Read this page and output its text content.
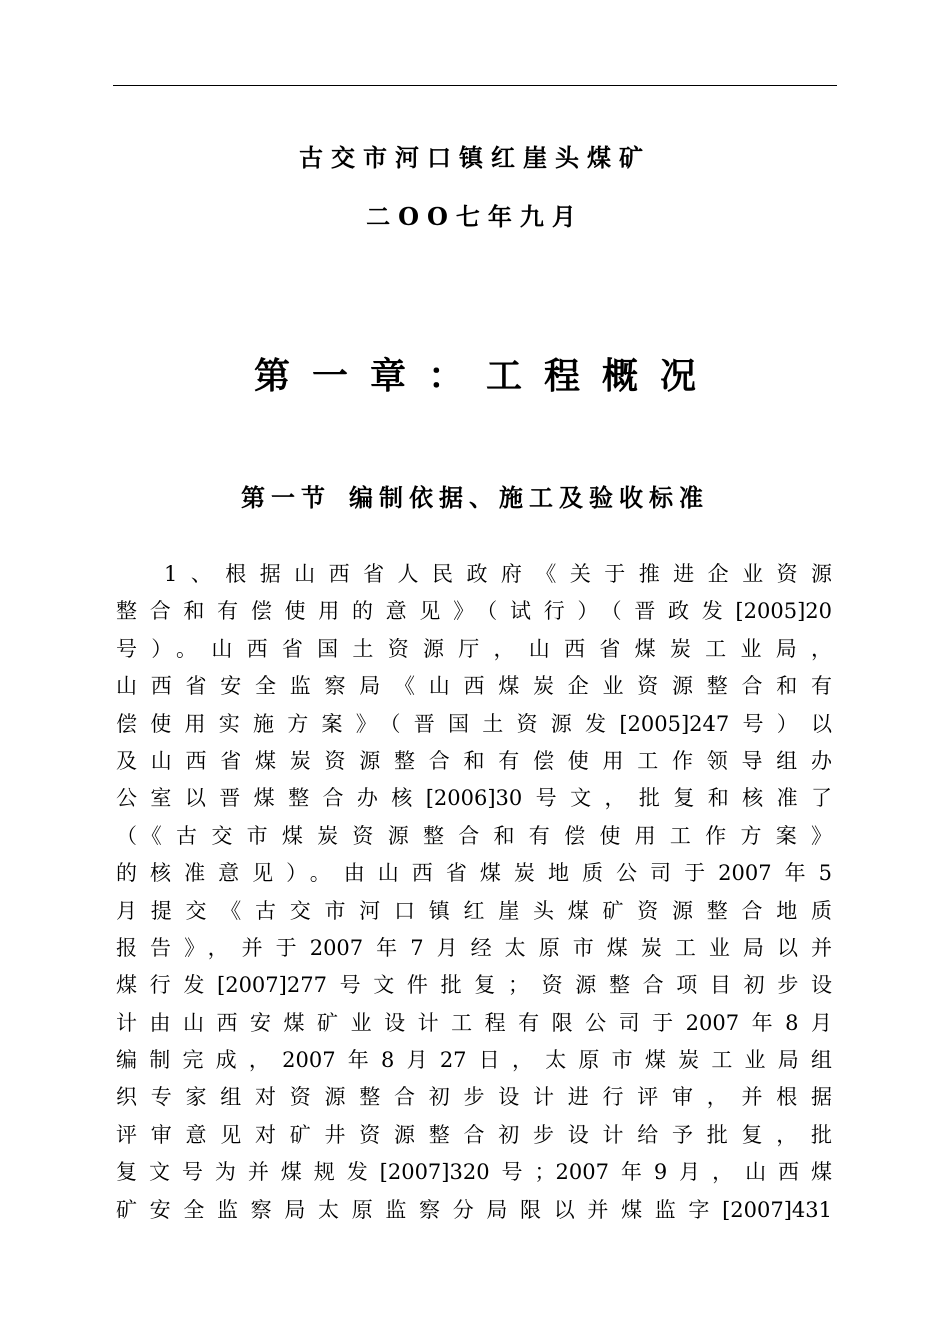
古交市河口镇红崖头煤矿
二OO七年九月
第一章：工程概况
第一节 编制依据、施工及验收标准
1、根据山西省人民政府《关于推进企业资源
整合和有偿使用的意见》（试行）（晋政发[2005]20
号）。山西省国土资源厅，山西省煤炭工业局，
山西省安全监察局《山西煤炭企业资源整合和有
偿使用实施方案》（晋国土资源发[2005]247号）以
及山西省煤炭资源整合和有偿使用工作领导组办
公室以晋煤整合办核[2006]30号文，批复和核准了
（《古交市煤炭资源整合和有偿使用工作方案》
的核准意见）。由山西省煤炭地质公司于2007年5
月提交《古交市河口镇红崖头煤矿资源整合地质
报告》，并于2007年7月经太原市煤炭工业局以并
煤行发[2007]277号文件批复；资源整合项目初步设
计由山西安煤矿业设计工程有限公司于2007年8月
编制完成，2007年8月27日，太原市煤炭工业局组
织专家组对资源整合初步设计进行评审，并根据
评审意见对矿井资源整合初步设计给予批复，批
复文号为并煤规发[2007]320号；2007年9月，山西煤
矿安全监察局太原监察分局限以并煤监字[2007]431
